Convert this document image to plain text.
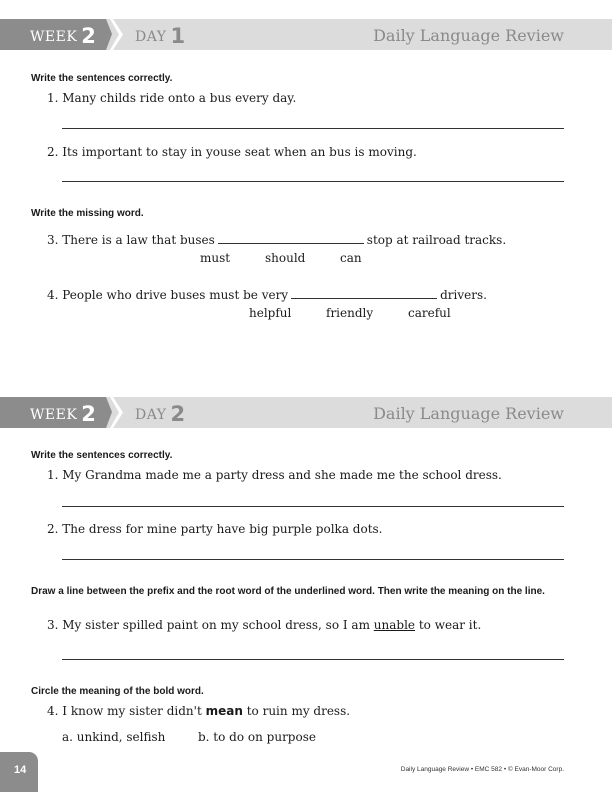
WEEK 2	DAY 1	Daily Language Review
Write the sentences correctly.
1. Many childs ride onto a bus every day.
2. Its important to stay in youse seat when an bus is moving.
Write the missing word.
3. There is a law that buses	stop at railroad tracks.
must	should	can
4. People who drive buses must be very	drivers.
helpful	friendly	careful
WEEK 2	DAY 2	Daily Language Review
Write the sentences correctly.
1. My Grandma made me a party dress and she made me the school dress.
2. The dress for mine party have big purple polka dots.
Draw a line between the prefix and the root word of the underlined word. Then write the meaning on the line.
3. My sister spilled paint on my school dress, so I am unable to wear it.
Circle the meaning of the bold word.
4. I know my sister didn't mean to ruin my dress.
a. unkind, selfish	b. to do on purpose
14	Daily Language Review • EMC 582 • © Evan-Moor Corp.
